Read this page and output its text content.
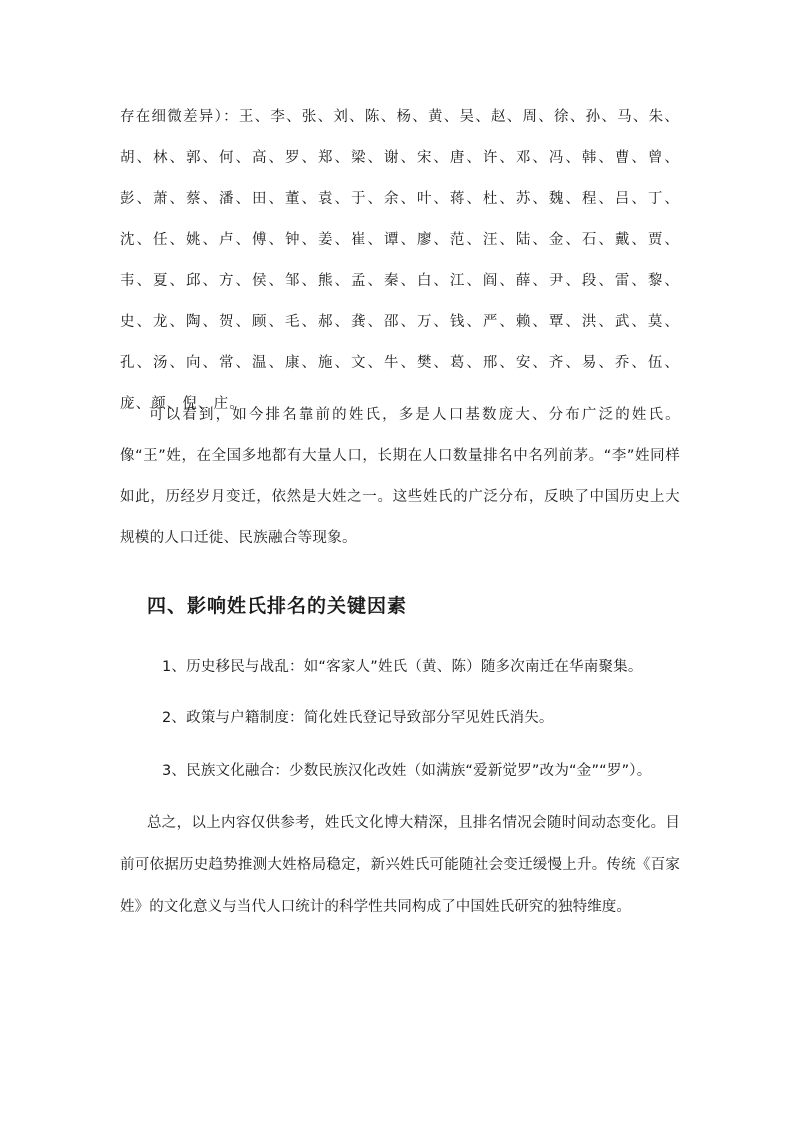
存在细微差异）：王、李、张、刘、陈、杨、黄、吴、赵、周、徐、孙、马、朱、胡、林、郭、何、高、罗、郑、梁、谢、宋、唐、许、邓、冯、韩、曹、曾、彭、萧、蔡、潘、田、董、袁、于、余、叶、蒋、杜、苏、魏、程、吕、丁、沈、任、姚、卢、傅、钟、姜、崔、谭、廖、范、汪、陆、金、石、戴、贾、韦、夏、邱、方、侯、邹、熊、孟、秦、白、江、阎、薛、尹、段、雷、黎、史、龙、陶、贺、顾、毛、郝、龚、邵、万、钱、严、赖、覃、洪、武、莫、孔、汤、向、常、温、康、施、文、牛、樊、葛、邢、安、齐、易、乔、伍、庞、颜、倪、庄。

可以看到，如今排名靠前的姓氏，多是人口基数庞大、分布广泛的姓氏。像“王”姓，在全国多地都有大量人口，长期在人口数量排名中名列前茅。“李”姓同样如此，历经岁月变迁，依然是大姓之一。这些姓氏的广泛分布，反映了中国历史上大规模的人口迁徙、民族融合等现象。

四、影响姓氏排名的关键因素

1、历史移民与战乱：如“客家人”姓氏（黄、陈）随多次南迁在华南聚集。

2、政策与户籍制度：简化姓氏登记导致部分罕见姓氏消失。

3、民族文化融合：少数民族汉化改姓（如满族“爱新觉罗”改为“金”“罗”）。

总之，以上内容仅供参考，姓氏文化博大精深，且排名情况会随时间动态变化。目前可依据历史趋势推测大姓格局稳定，新兴姓氏可能随社会变迁缓慢上升。传统《百家姓》的文化意义与当代人口统计的科学性共同构成了中国姓氏研究的独特维度。
